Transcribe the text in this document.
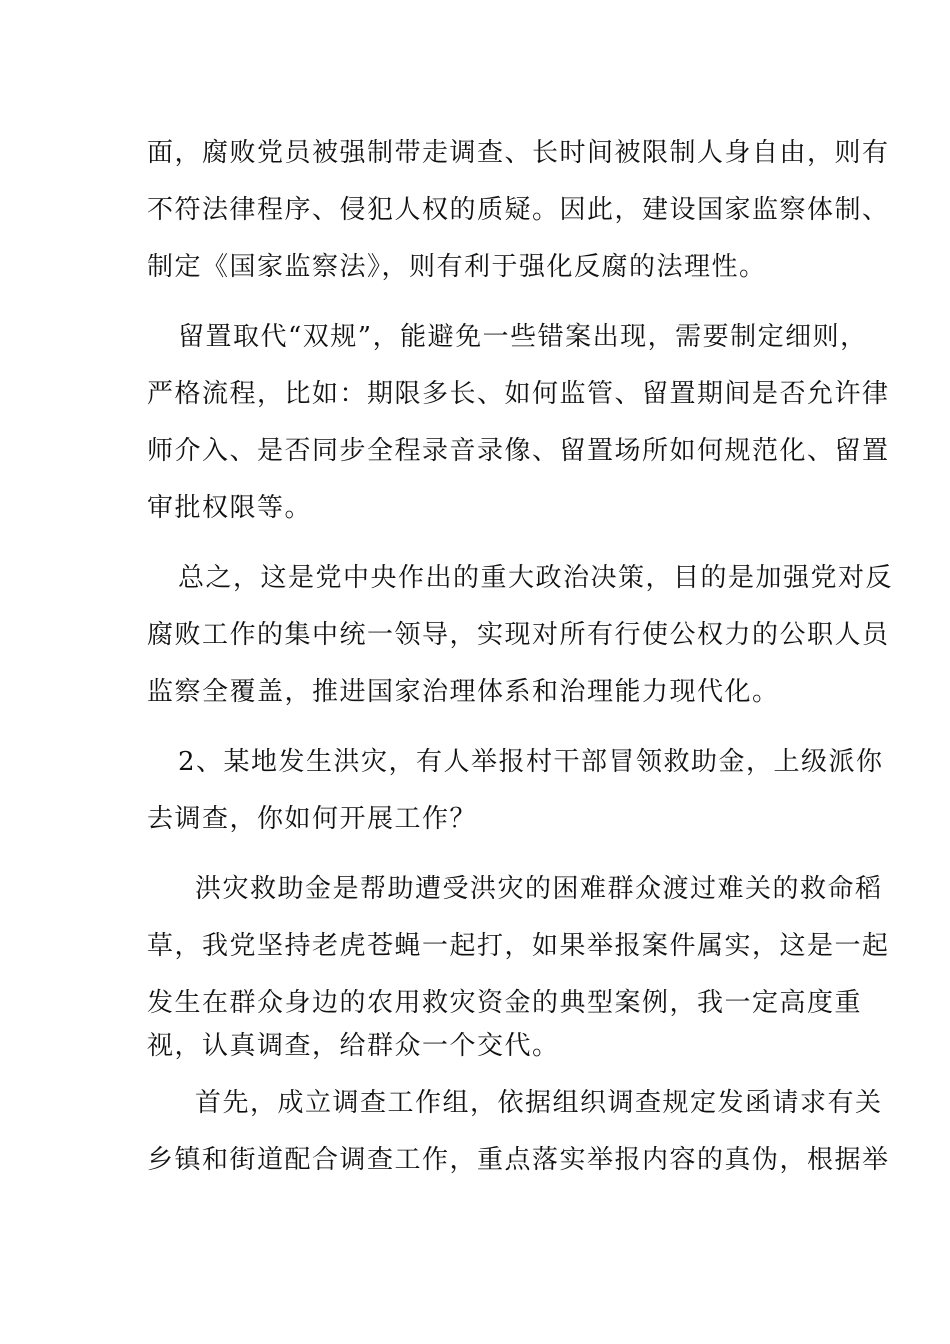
面，腐败党员被强制带走调查、长时间被限制人身自由，则有
不符法律程序、侵犯人权的质疑。因此，建设国家监察体制、
制定《国家监察法》，则有利于强化反腐的法理性。
留置取代“双规”，能避免一些错案出现，需要制定细则，
严格流程，比如：期限多长、如何监管、留置期间是否允许律
师介入、是否同步全程录音录像、留置场所如何规范化、留置
审批权限等。
总之，这是党中央作出的重大政治决策，目的是加强党对反
腐败工作的集中统一领导，实现对所有行使公权力的公职人员
监察全覆盖，推进国家治理体系和治理能力现代化。
2、某地发生洪灾，有人举报村干部冒领救助金，上级派你
去调查，你如何开展工作？
洪灾救助金是帮助遭受洪灾的困难群众渡过难关的救命稻
草，我党坚持老虎苍蝇一起打，如果举报案件属实，这是一起
发生在群众身边的农用救灾资金的典型案例，我一定高度重
视，认真调查，给群众一个交代。
首先，成立调查工作组，依据组织调查规定发函请求有关
乡镇和街道配合调查工作，重点落实举报内容的真伪，根据举
